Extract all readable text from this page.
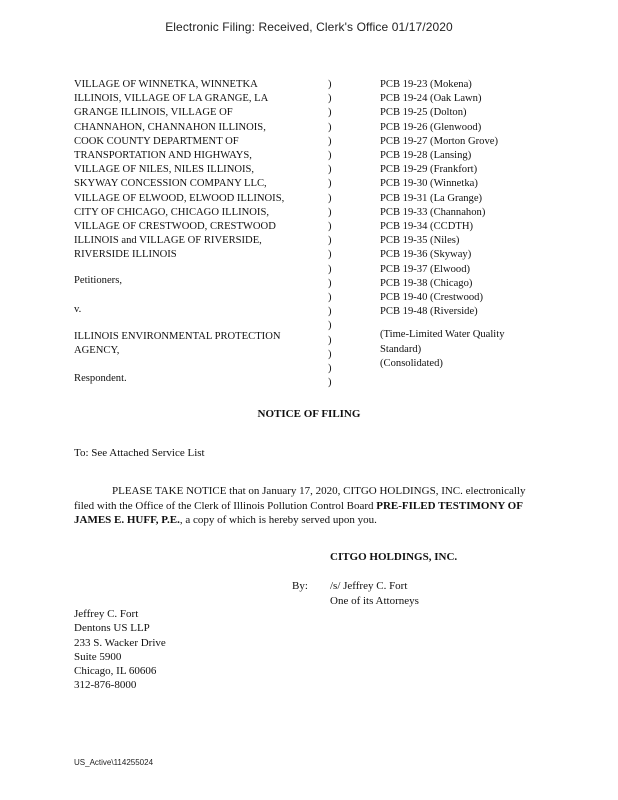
Electronic Filing: Received, Clerk's Office 01/17/2020
VILLAGE OF WINNETKA, WINNETKA
ILLINOIS, VILLAGE OF LA GRANGE, LA
GRANGE ILLINOIS, VILLAGE OF
CHANNAHON, CHANNAHON ILLINOIS,
COOK COUNTY DEPARTMENT OF
TRANSPORTATION AND HIGHWAYS,
VILLAGE OF NILES, NILES ILLINOIS,
SKYWAY CONCESSION COMPANY LLC,
VILLAGE OF ELWOOD, ELWOOD ILLINOIS,
CITY OF CHICAGO, CHICAGO ILLINOIS,
VILLAGE OF CRESTWOOD, CRESTWOOD
ILLINOIS and VILLAGE OF RIVERSIDE,
RIVERSIDE ILLINOIS
Petitioners,
v.
ILLINOIS ENVIRONMENTAL PROTECTION
AGENCY,
Respondent.
)
)
)
)
)
)
)
)
)
)
)
)
)
)
)
)
)
)
)
)
)
)
PCB 19-23 (Mokena)
PCB 19-24 (Oak Lawn)
PCB 19-25 (Dolton)
PCB 19-26 (Glenwood)
PCB 19-27 (Morton Grove)
PCB 19-28 (Lansing)
PCB 19-29 (Frankfort)
PCB 19-30 (Winnetka)
PCB 19-31 (La Grange)
PCB 19-33 (Channahon)
PCB 19-34 (CCDTH)
PCB 19-35 (Niles)
PCB 19-36 (Skyway)
PCB 19-37 (Elwood)
PCB 19-38 (Chicago)
PCB 19-40 (Crestwood)
PCB 19-48 (Riverside)
(Time-Limited Water Quality
Standard)
(Consolidated)
NOTICE OF FILING
To: See Attached Service List
PLEASE TAKE NOTICE that on January 17, 2020, CITGO HOLDINGS, INC. electronically filed with the Office of the Clerk of Illinois Pollution Control Board PRE-FILED TESTIMONY OF JAMES E. HUFF, P.E., a copy of which is hereby served upon you.
CITGO HOLDINGS, INC.
By: /s/ Jeffrey C. Fort
One of its Attorneys
Jeffrey C. Fort
Dentons US LLP
233 S. Wacker Drive
Suite 5900
Chicago, IL 60606
312-876-8000
US_Active\114255024
